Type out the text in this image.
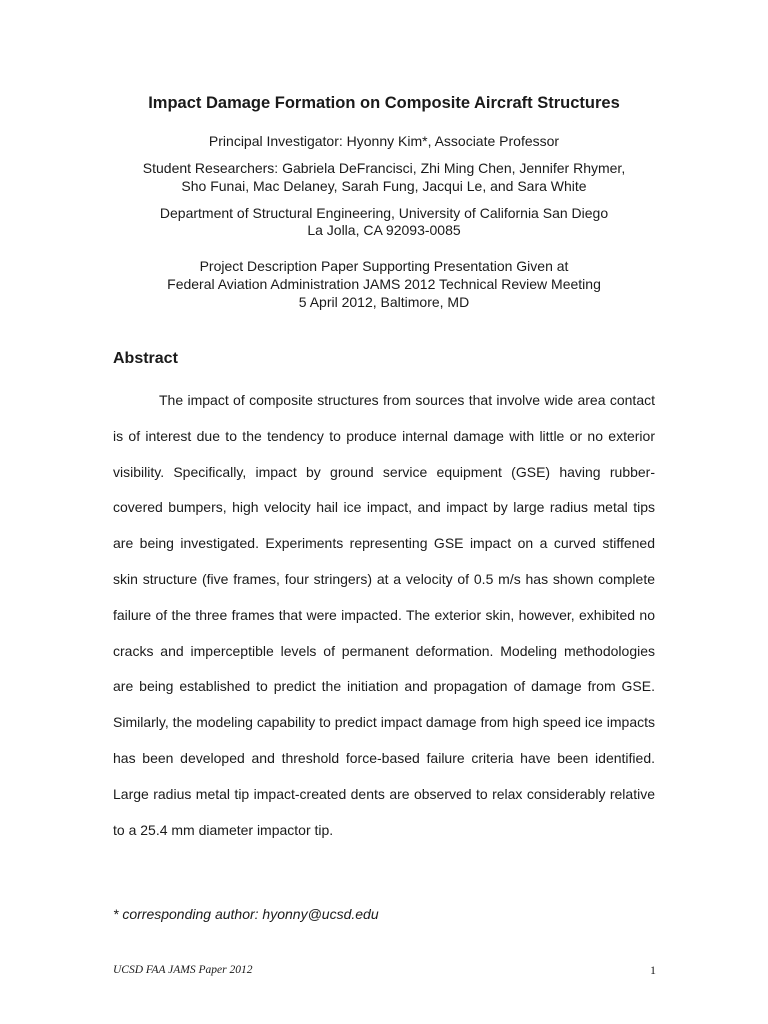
Impact Damage Formation on Composite Aircraft Structures
Principal Investigator: Hyonny Kim*, Associate Professor
Student Researchers: Gabriela DeFrancisci, Zhi Ming Chen, Jennifer Rhymer,
Sho Funai, Mac Delaney, Sarah Fung, Jacqui Le, and Sara White
Department of Structural Engineering, University of California San Diego
La Jolla, CA 92093-0085
Project Description Paper Supporting Presentation Given at
Federal Aviation Administration JAMS 2012 Technical Review Meeting
5 April 2012, Baltimore, MD
Abstract

The impact of composite structures from sources that involve wide area contact is of interest due to the tendency to produce internal damage with little or no exterior visibility. Specifically, impact by ground service equipment (GSE) having rubber-covered bumpers, high velocity hail ice impact, and impact by large radius metal tips are being investigated. Experiments representing GSE impact on a curved stiffened skin structure (five frames, four stringers) at a velocity of 0.5 m/s has shown complete failure of the three frames that were impacted. The exterior skin, however, exhibited no cracks and imperceptible levels of permanent deformation. Modeling methodologies are being established to predict the initiation and propagation of damage from GSE. Similarly, the modeling capability to predict impact damage from high speed ice impacts has been developed and threshold force-based failure criteria have been identified. Large radius metal tip impact-created dents are observed to relax considerably relative to a 25.4 mm diameter impactor tip.

* corresponding author: hyonny@ucsd.edu
UCSD FAA JAMS Paper 2012	1
